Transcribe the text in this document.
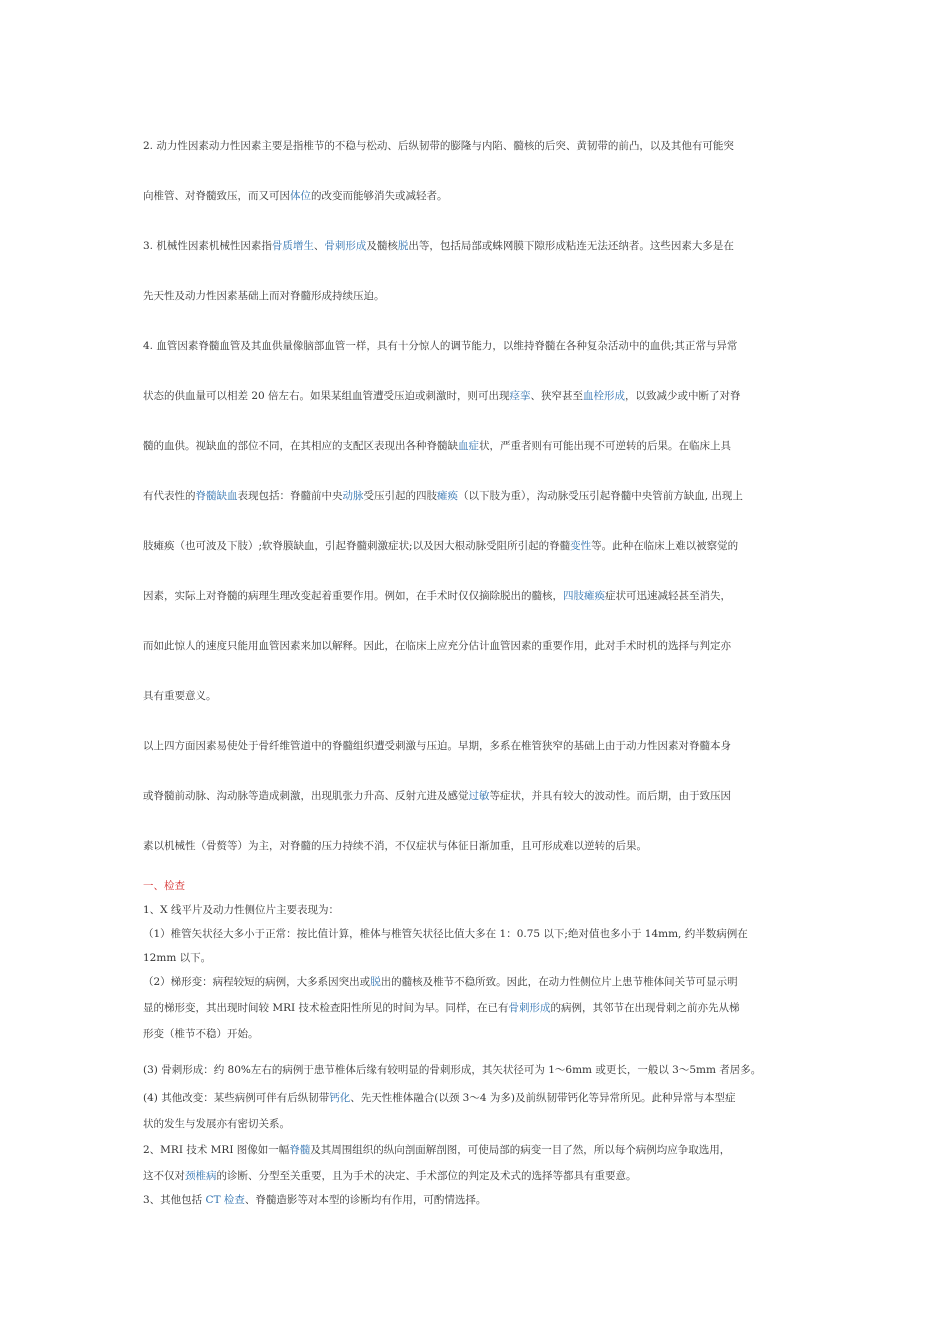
2. 动力性因素动力性因素主要是指椎节的不稳与松动、后纵韧带的膨隆与内陷、髓核的后突、黄韧带的前凸，以及其他有可能突
向椎管、对脊髓致压，而又可因体位的改变而能够消失或减轻者。
3. 机械性因素机械性因素指骨质增生、骨刺形成及髓核脱出等，包括局部或蛛网膜下隙形成粘连无法还纳者。这些因素大多是在
先天性及动力性因素基础上而对脊髓形成持续压迫。
4. 血管因素脊髓血管及其血供量像脑部血管一样，具有十分惊人的调节能力，以维持脊髓在各种复杂活动中的血供;其正常与异常
状态的供血量可以相差 20 倍左右。如果某组血管遭受压迫或刺激时，则可出现痉挛、狭窄甚至血栓形成，以致减少或中断了对脊
髓的血供。视缺血的部位不同，在其相应的支配区表现出各种脊髓缺血症状，严重者则有可能出现不可逆转的后果。在临床上具
有代表性的脊髓缺血表现包括：脊髓前中央动脉受压引起的四肢瘫痪（以下肢为重），沟动脉受压引起脊髓中央管前方缺血, 出现上
肢瘫痪（也可波及下肢）;软脊膜缺血，引起脊髓刺激症状;以及因大根动脉受阻所引起的脊髓变性等。此种在临床上难以被察觉的
因素，实际上对脊髓的病理生理改变起着重要作用。例如，在手术时仅仅摘除脱出的髓核，四肢瘫痪症状可迅速减轻甚至消失，
而如此惊人的速度只能用血管因素来加以解释。因此，在临床上应充分估计血管因素的重要作用，此对手术时机的选择与判定亦
具有重要意义。
以上四方面因素易使处于骨纤维管道中的脊髓组织遭受刺激与压迫。早期，多系在椎管狭窄的基础上由于动力性因素对脊髓本身
或脊髓前动脉、沟动脉等造成刺激，出现肌张力升高、反射亢进及感觉过敏等症状，并具有较大的波动性。而后期，由于致压因
素以机械性（骨赘等）为主，对脊髓的压力持续不消，不仅症状与体征日渐加重，且可形成难以逆转的后果。
一、检查
1、X 线平片及动力性侧位片主要表现为：
（1）椎管矢状径大多小于正常：按比值计算，椎体与椎管矢状径比值大多在 1：0.75 以下;绝对值也多小于 14mm, 约半数病例在
12mm 以下。
（2）梯形变：病程较短的病例，大多系因突出或脱出的髓核及椎节不稳所致。因此，在动力性侧位片上患节椎体间关节可显示明
显的梯形变，其出现时间较 MRI 技术检查阳性所见的时间为早。同样，在已有骨刺形成的病例，其邻节在出现骨刺之前亦先从梯
形变（椎节不稳）开始。
(3) 骨刺形成：约 80%左右的病例于患节椎体后缘有较明显的骨刺形成，其矢状径可为 1～6mm 或更长，一般以 3～5mm 者居多。
(4) 其他改变：某些病例可伴有后纵韧带钙化、先天性椎体融合(以颈 3～4 为多)及前纵韧带钙化等异常所见。此种异常与本型症
状的发生与发展亦有密切关系。
2、MRI 技术 MRI 图像如一幅脊髓及其周围组织的纵向剖面解剖图，可使局部的病变一目了然，所以每个病例均应争取选用，
这不仅对颈椎病的诊断、分型至关重要，且为手术的决定、手术部位的判定及术式的选择等都具有重要意。
3、其他包括 CT 检查、脊髓造影等对本型的诊断均有作用，可酌情选择。
